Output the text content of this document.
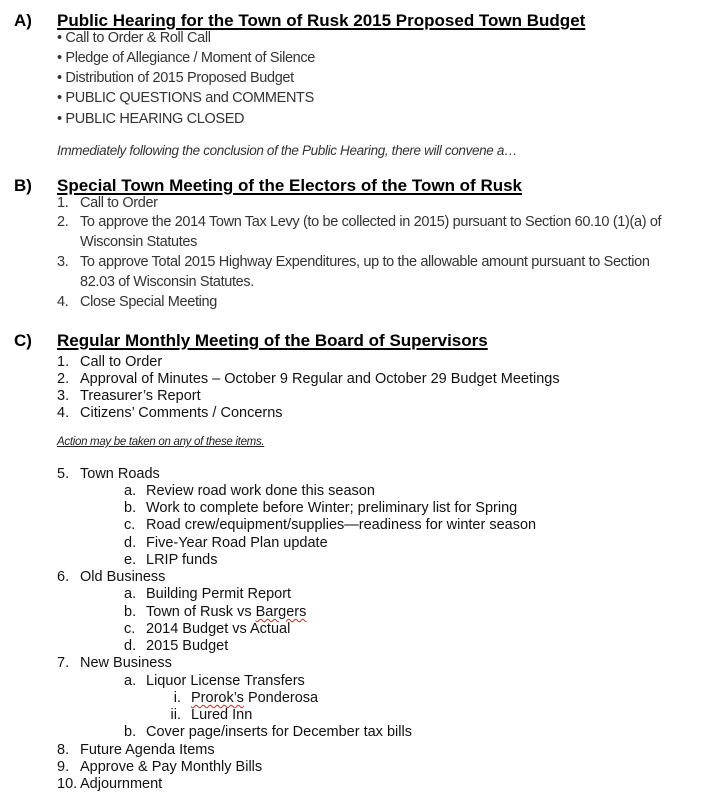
A) Public Hearing for the Town of Rusk 2015 Proposed Town Budget
• Call to Order & Roll Call
• Pledge of Allegiance / Moment of Silence
• Distribution of 2015 Proposed Budget
• PUBLIC QUESTIONS and COMMENTS
• PUBLIC HEARING CLOSED
Immediately following the conclusion of the Public Hearing, there will convene a…
B) Special Town Meeting of the Electors of the Town of Rusk
1. Call to Order
2. To approve the 2014 Town Tax Levy (to be collected in 2015) pursuant to Section 60.10 (1)(a) of
Wisconsin Statutes
3. To approve Total 2015 Highway Expenditures, up to the allowable amount pursuant to Section
82.03 of Wisconsin Statutes.
4. Close Special Meeting
C) Regular Monthly Meeting of the Board of Supervisors
1. Call to Order
2. Approval of Minutes – October 9 Regular and October 29 Budget Meetings
3. Treasurer’s Report
4. Citizens’ Comments / Concerns
Action may be taken on any of these items.
5. Town Roads
a. Review road work done this season
b. Work to complete before Winter; preliminary list for Spring
c. Road crew/equipment/supplies—readiness for winter season
d. Five-Year Road Plan update
e. LRIP funds
6. Old Business
a. Building Permit Report
b. Town of Rusk vs Bargers
c. 2014 Budget vs Actual
d. 2015 Budget
7. New Business
a. Liquor License Transfers
i. Prorok’s Ponderosa
ii. Lured Inn
b. Cover page/inserts for December tax bills
8. Future Agenda Items
9. Approve & Pay Monthly Bills
10. Adjournment
